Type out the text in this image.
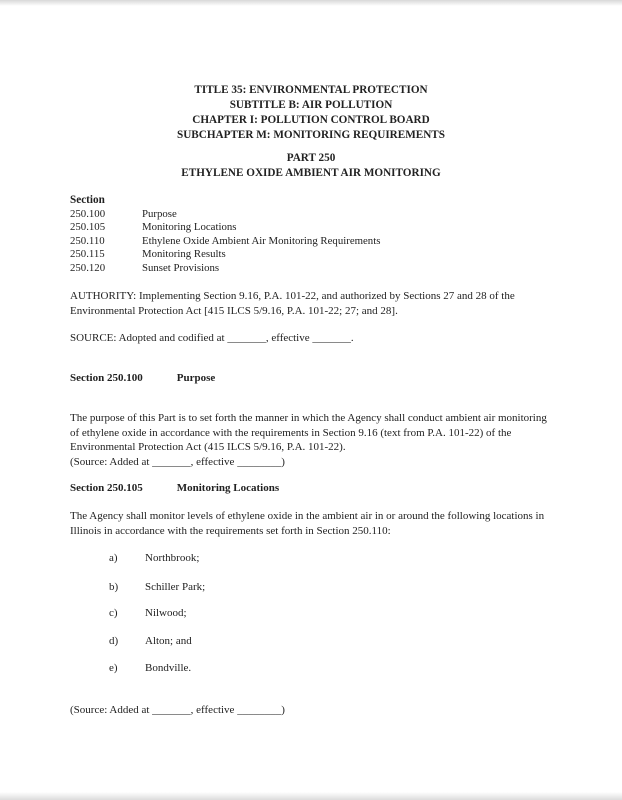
TITLE 35: ENVIRONMENTAL PROTECTION
SUBTITLE B: AIR POLLUTION
CHAPTER I: POLLUTION CONTROL BOARD
SUBCHAPTER M: MONITORING REQUIREMENTS
PART 250
ETHYLENE OXIDE AMBIENT AIR MONITORING
Section
250.100	Purpose
250.105	Monitoring Locations
250.110	Ethylene Oxide Ambient Air Monitoring Requirements
250.115	Monitoring Results
250.120	Sunset Provisions
AUTHORITY: Implementing Section 9.16, P.A. 101-22, and authorized by Sections 27 and 28 of the Environmental Protection Act [415 ILCS 5/9.16, P.A. 101-22; 27; and 28].
SOURCE: Adopted and codified at _______, effective _______.
Section 250.100	Purpose
The purpose of this Part is to set forth the manner in which the Agency shall conduct ambient air monitoring of ethylene oxide in accordance with the requirements in Section 9.16 (text from P.A. 101-22) of the Environmental Protection Act (415 ILCS 5/9.16, P.A. 101-22).
(Source: Added at _______, effective ________)
Section 250.105	Monitoring Locations
The Agency shall monitor levels of ethylene oxide in the ambient air in or around the following locations in Illinois in accordance with the requirements set forth in Section 250.110:
a) Northbrook;
b) Schiller Park;
c) Nilwood;
d) Alton; and
e) Bondville.
(Source: Added at _______, effective ________)
